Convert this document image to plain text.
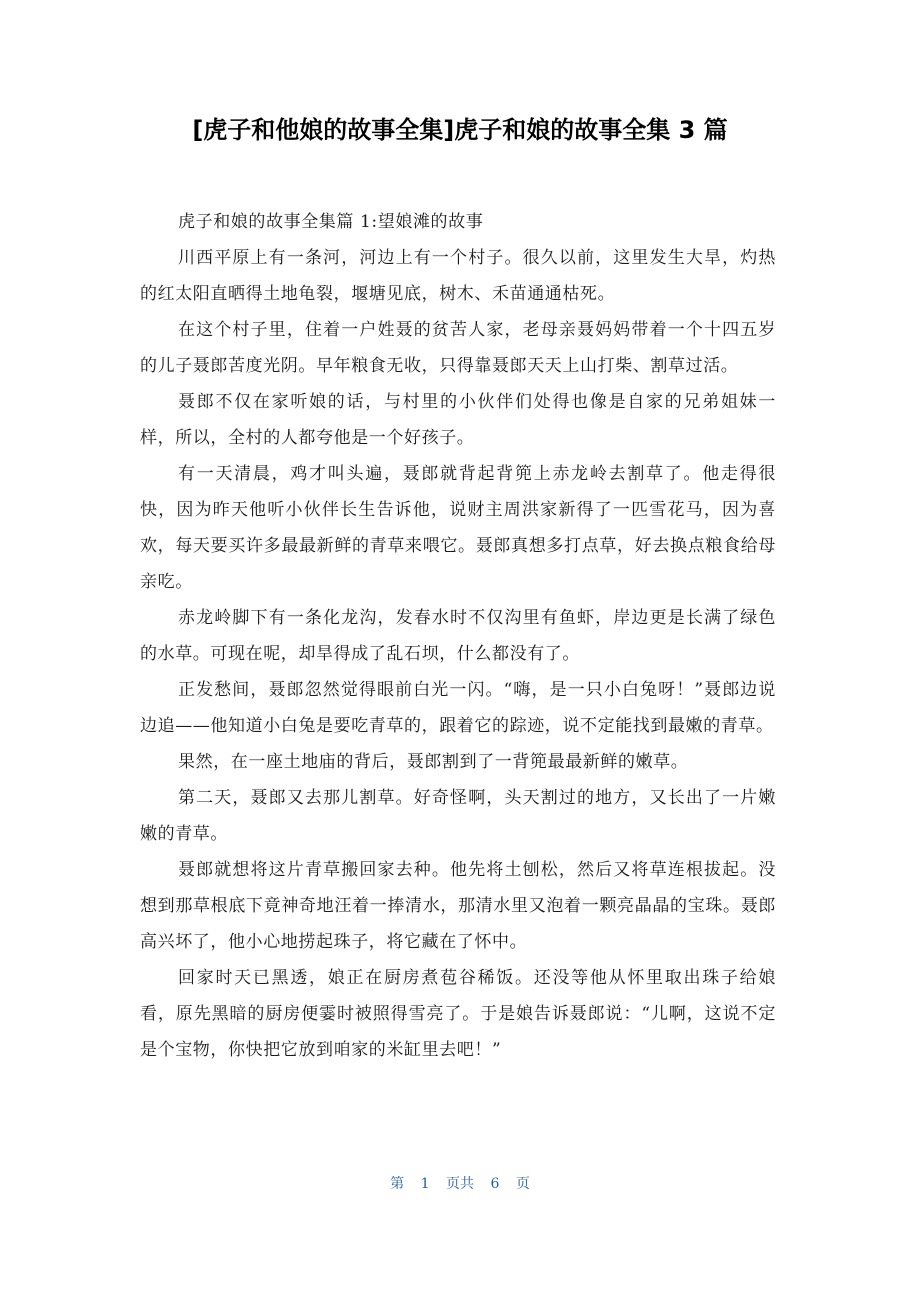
[虎子和他娘的故事全集]虎子和娘的故事全集 3 篇

虎子和娘的故事全集篇 1:望娘滩的故事

川西平原上有一条河，河边上有一个村子。很久以前，这里发生大旱，灼热的红太阳直晒得土地龟裂，堰塘见底，树木、禾苗通通枯死。

在这个村子里，住着一户姓聂的贫苦人家，老母亲聂妈妈带着一个十四五岁的儿子聂郎苦度光阴。早年粮食无收，只得靠聂郎天天上山打柴、割草过活。

聂郎不仅在家听娘的话，与村里的小伙伴们处得也像是自家的兄弟姐妹一样，所以，全村的人都夸他是一个好孩子。

有一天清晨，鸡才叫头遍，聂郎就背起背篼上赤龙岭去割草了。他走得很快，因为昨天他听小伙伴长生告诉他，说财主周洪家新得了一匹雪花马，因为喜欢，每天要买许多最最新鲜的青草来喂它。聂郎真想多打点草，好去换点粮食给母亲吃。

赤龙岭脚下有一条化龙沟，发春水时不仅沟里有鱼虾，岸边更是长满了绿色的水草。可现在呢，却旱得成了乱石坝，什么都没有了。

正发愁间，聂郎忽然觉得眼前白光一闪。“嗨，是一只小白兔呀！”聂郎边说边追——他知道小白兔是要吃青草的，跟着它的踪迹，说不定能找到最嫩的青草。

果然，在一座土地庙的背后，聂郎割到了一背篼最最新鲜的嫩草。

第二天，聂郎又去那儿割草。好奇怪啊，头天割过的地方，又长出了一片嫩嫩的青草。

聂郎就想将这片青草搬回家去种。他先将土刨松，然后又将草连根拔起。没想到那草根底下竟神奇地汪着一捧清水，那清水里又泡着一颗亮晶晶的宝珠。聂郎高兴坏了，他小心地捞起珠子，将它藏在了怀中。

回家时天已黑透，娘正在厨房煮苞谷稀饭。还没等他从怀里取出珠子给娘看，原先黑暗的厨房便霎时被照得雪亮了。于是娘告诉聂郎说：“儿啊，这说不定是个宝物，你快把它放到咱家的米缸里去吧！”

第 1 页共 6 页
